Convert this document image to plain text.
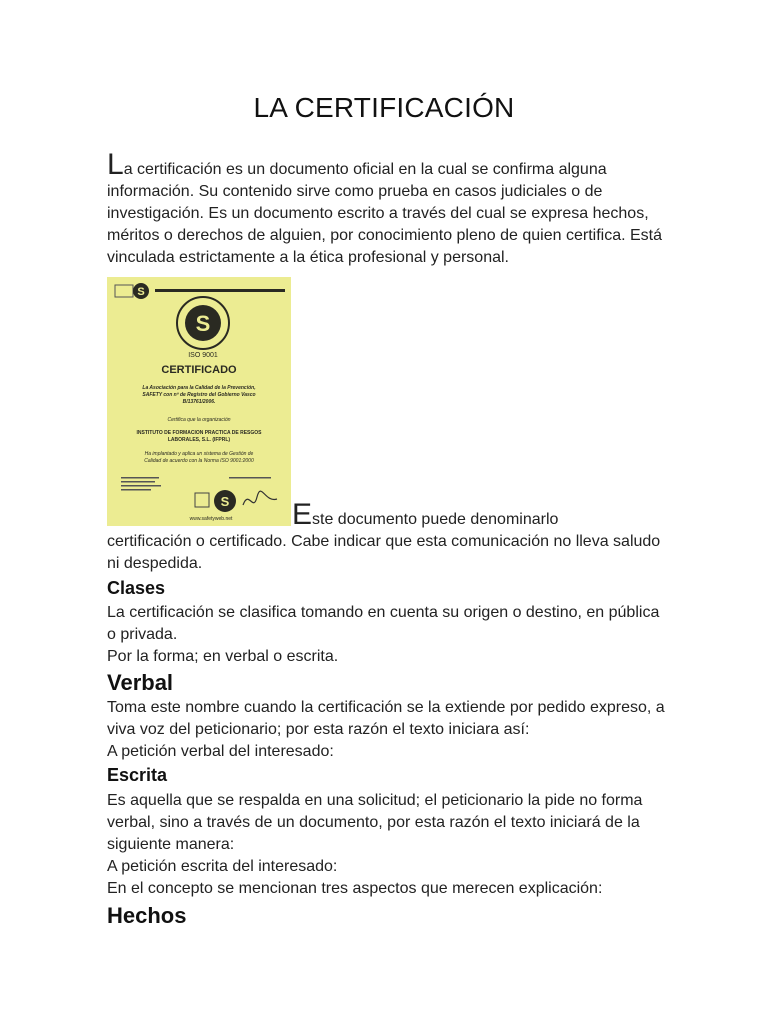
LA CERTIFICACIÓN

La certificación es un documento oficial en la cual se confirma alguna información. Su contenido sirve como prueba en casos judiciales o de investigación. Es un documento escrito a través del cual se expresa hechos, méritos o derechos de alguien, por conocimiento pleno de quien certifica. Está vinculada estrictamente a la ética profesional y personal.

S
S
ISO 9001
CERTIFICADO
La Asociación para la Calidad de la Prevención,
SAFETY con nº de Registro del Gobierno Vasco
B/13761/2006.
Certifica que la organización
INSTITUTO DE FORMACION PRACTICA DE RESGOS
LABORALES, S.L. (IFPRL)
Ha implantado y aplica un sistema de Gestión de
Calidad de acuerdo con la Norma ISO 9001:2000
S
www.safetyweb.net	Este documento puede denominarlo
certificación o certificado. Cabe indicar que esta comunicación no lleva saludo ni despedida.

Clases
La certificación se clasifica tomando en cuenta su origen o destino, en pública o privada.
Por la forma; en verbal o escrita.
Verbal
Toma este nombre cuando la certificación se la extiende por pedido expreso, a viva voz del peticionario; por esta razón el texto iniciara así:
A petición verbal del interesado:
Escrita
Es aquella que se respalda en una solicitud; el peticionario la pide no forma verbal, sino a través de un documento, por esta razón el texto iniciará de la siguiente manera:
A petición escrita del interesado:
En el concepto se mencionan tres aspectos que merecen explicación:
Hechos
